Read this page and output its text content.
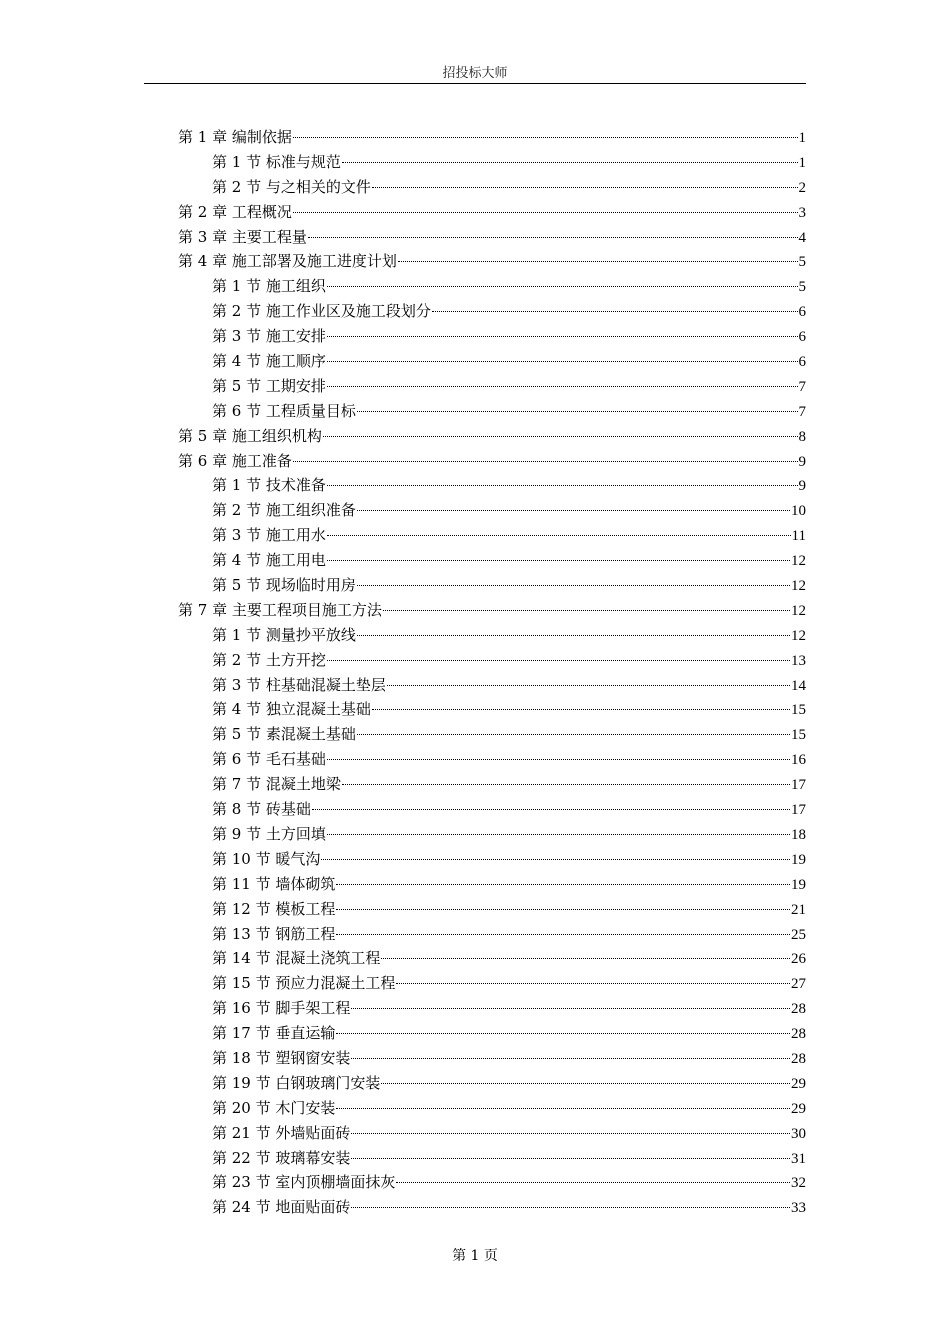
招投标大师
第 1 章 编制依据	1
第 1 节 标准与规范	1
第 2 节 与之相关的文件	2
第 2 章 工程概况	3
第 3 章 主要工程量	4
第 4 章 施工部署及施工进度计划	5
第 1 节 施工组织	5
第 2 节 施工作业区及施工段划分	6
第 3 节 施工安排	6
第 4 节 施工顺序	6
第 5 节 工期安排	7
第 6 节 工程质量目标	7
第 5 章 施工组织机构	8
第 6 章 施工准备	9
第 1 节 技术准备	9
第 2 节 施工组织准备	10
第 3 节 施工用水	11
第 4 节 施工用电	12
第 5 节 现场临时用房	12
第 7 章 主要工程项目施工方法	12
第 1 节 测量抄平放线	12
第 2 节 土方开挖	13
第 3 节 柱基础混凝土垫层	14
第 4 节 独立混凝土基础	15
第 5 节 素混凝土基础	15
第 6 节 毛石基础	16
第 7 节 混凝土地梁	17
第 8 节 砖基础	17
第 9 节 土方回填	18
第 10 节 暖气沟	19
第 11 节 墙体砌筑	19
第 12 节 模板工程	21
第 13 节 钢筋工程	25
第 14 节 混凝土浇筑工程	26
第 15 节 预应力混凝土工程	27
第 16 节 脚手架工程	28
第 17 节 垂直运输	28
第 18 节 塑钢窗安装	28
第 19 节 白钢玻璃门安装	29
第 20 节 木门安装	29
第 21 节 外墙贴面砖	30
第 22 节 玻璃幕安装	31
第 23 节 室内顶棚墙面抹灰	32
第 24 节 地面贴面砖	33
第 1 页
